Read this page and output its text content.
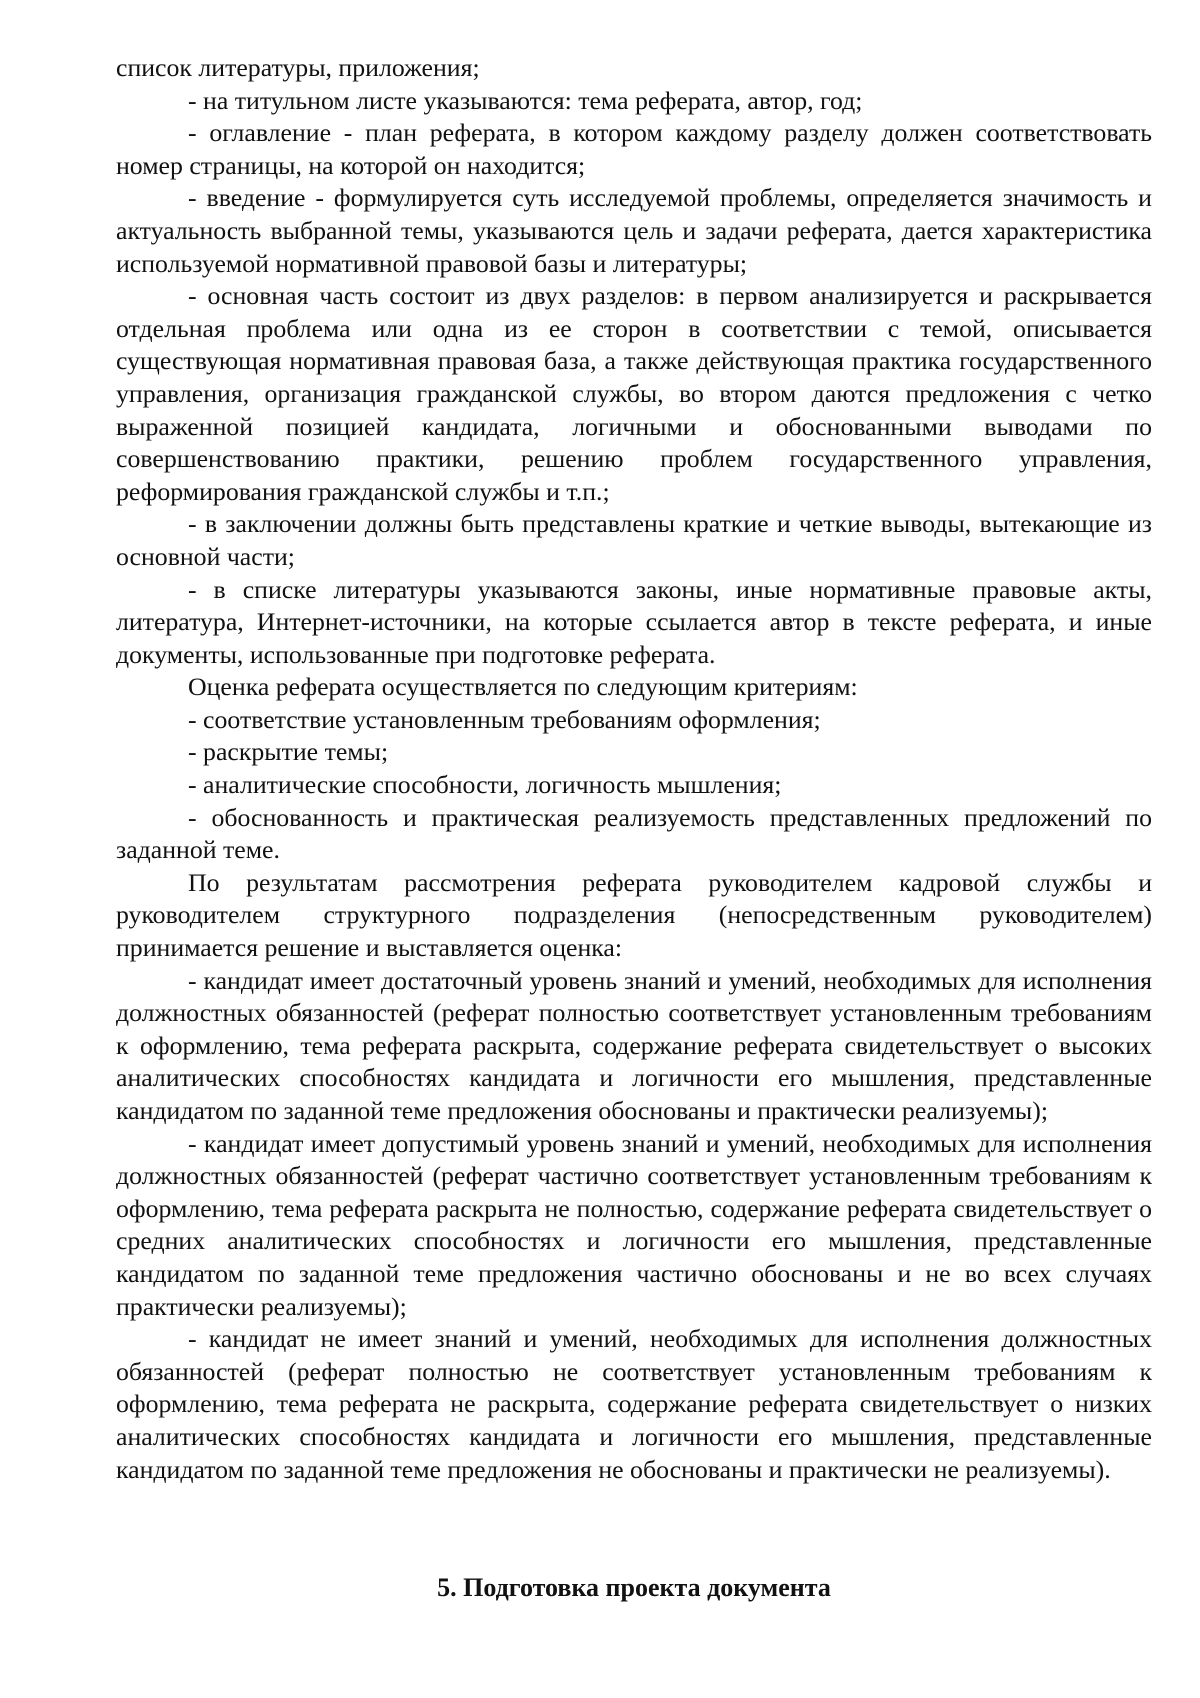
список литературы, приложения;

- на титульном листе указываются: тема реферата, автор, год;

- оглавление - план реферата, в котором каждому разделу должен соответствовать номер страницы, на которой он находится;

- введение - формулируется суть исследуемой проблемы, определяется значимость и актуальность выбранной темы, указываются цель и задачи реферата, дается характеристика используемой нормативной правовой базы и литературы;

- основная часть состоит из двух разделов: в первом анализируется и раскрывается отдельная проблема или одна из ее сторон в соответствии с темой, описывается существующая нормативная правовая база, а также действующая практика государственного управления, организация гражданской службы, во втором даются предложения с четко выраженной позицией кандидата, логичными и обоснованными выводами по совершенствованию практики, решению проблем государственного управления, реформирования гражданской службы и т.п.;

- в заключении должны быть представлены краткие и четкие выводы, вытекающие из основной части;

- в списке литературы указываются законы, иные нормативные правовые акты, литература, Интернет-источники, на которые ссылается автор в тексте реферата, и иные документы, использованные при подготовке реферата.

Оценка реферата осуществляется по следующим критериям:

- соответствие установленным требованиям оформления;

- раскрытие темы;

- аналитические способности, логичность мышления;

- обоснованность и практическая реализуемость представленных предложений по заданной теме.

По результатам рассмотрения реферата руководителем кадровой службы и руководителем структурного подразделения (непосредственным руководителем) принимается решение и выставляется оценка:

- кандидат имеет достаточный уровень знаний и умений, необходимых для исполнения должностных обязанностей (реферат полностью соответствует установленным требованиям к оформлению, тема реферата раскрыта, содержание реферата свидетельствует о высоких аналитических способностях кандидата и логичности его мышления, представленные кандидатом по заданной теме предложения обоснованы и практически реализуемы);

- кандидат имеет допустимый уровень знаний и умений, необходимых для исполнения должностных обязанностей (реферат частично соответствует установленным требованиям к оформлению, тема реферата раскрыта не полностью, содержание реферата свидетельствует о средних аналитических способностях и логичности его мышления, представленные кандидатом по заданной теме предложения частично обоснованы и не во всех случаях практически реализуемы);

- кандидат не имеет знаний и умений, необходимых для исполнения должностных обязанностей (реферат полностью не соответствует установленным требованиям к оформлению, тема реферата не раскрыта, содержание реферата свидетельствует о низких аналитических способностях кандидата и логичности его мышления, представленные кандидатом по заданной теме предложения не обоснованы и практически не реализуемы).

5. Подготовка проекта документа
